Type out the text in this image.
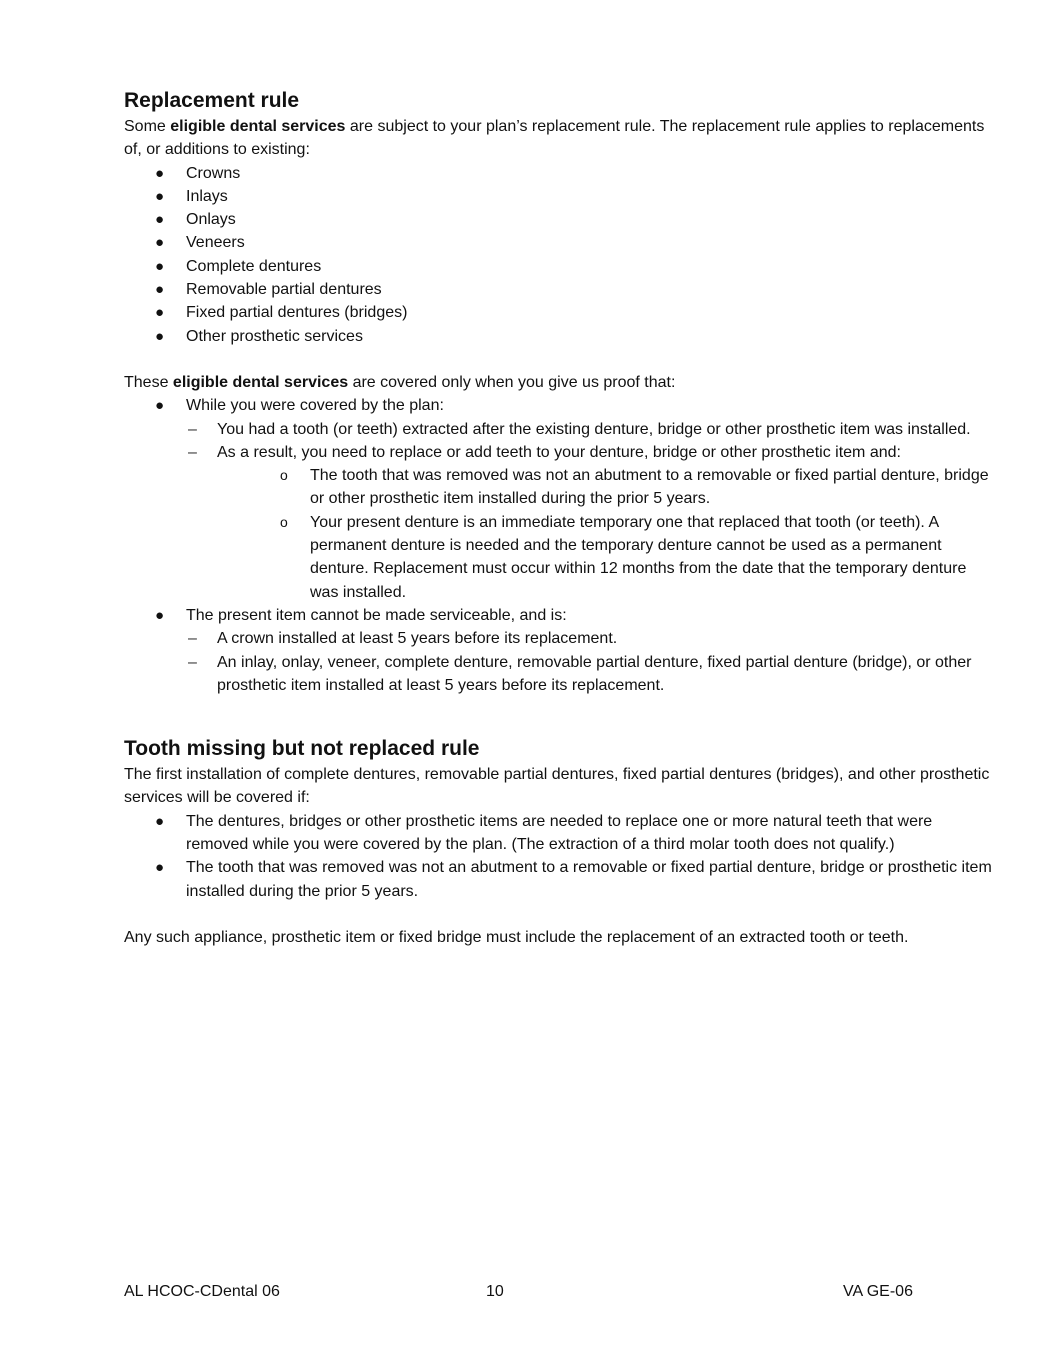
Replacement rule

Some eligible dental services are subject to your plan’s replacement rule. The replacement rule applies to replacements of, or additions to existing:

● Crowns
● Inlays
● Onlays
● Veneers
● Complete dentures
● Removable partial dentures
● Fixed partial dentures (bridges)
● Other prosthetic services

These eligible dental services are covered only when you give us proof that:

● While you were covered by the plan:
– You had a tooth (or teeth) extracted after the existing denture, bridge or other prosthetic item was installed.
– As a result, you need to replace or add teeth to your denture, bridge or other prosthetic item and:
o The tooth that was removed was not an abutment to a removable or fixed partial denture, bridge or other prosthetic item installed during the prior 5 years.
o Your present denture is an immediate temporary one that replaced that tooth (or teeth). A permanent denture is needed and the temporary denture cannot be used as a permanent denture. Replacement must occur within 12 months from the date that the temporary denture was installed.
● The present item cannot be made serviceable, and is:
– A crown installed at least 5 years before its replacement.
– An inlay, onlay, veneer, complete denture, removable partial denture, fixed partial denture (bridge), or other prosthetic item installed at least 5 years before its replacement.
Tooth missing but not replaced rule

The first installation of complete dentures, removable partial dentures, fixed partial dentures (bridges), and other prosthetic services will be covered if:

● The dentures, bridges or other prosthetic items are needed to replace one or more natural teeth that were removed while you were covered by the plan. (The extraction of a third molar tooth does not qualify.)
● The tooth that was removed was not an abutment to a removable or fixed partial denture, bridge or prosthetic item installed during the prior 5 years.

Any such appliance, prosthetic item or fixed bridge must include the replacement of an extracted tooth or teeth.

AL HCOC-CDental 06	10	VA GE-06
